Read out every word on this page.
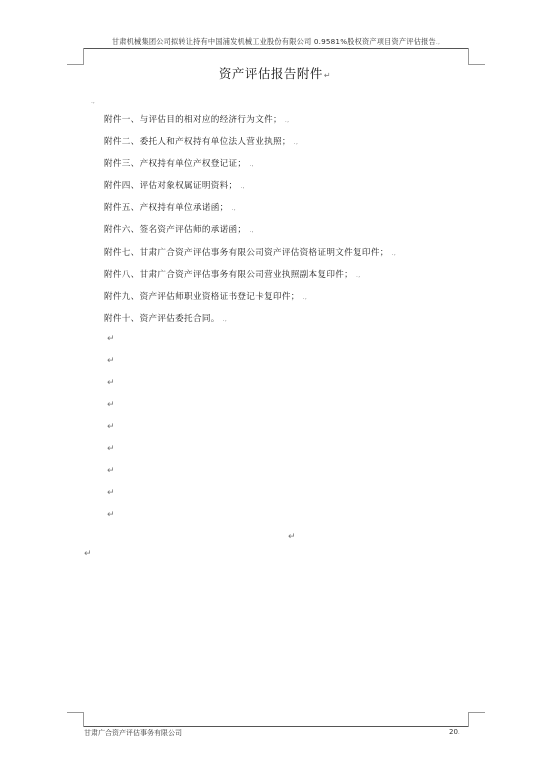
甘肃机械集团公司拟转让持有中国浦发机械工业股份有限公司 0.9581%股权资产项目资产评估报告.,
资产评估报告附件↵
.,
附件一、与评估目的相对应的经济行为文件； .,
附件二、委托人和产权持有单位法人营业执照； .,
附件三、产权持有单位产权登记证； .,
附件四、评估对象权属证明资料； .,
附件五、产权持有单位承诺函； .,
附件六、签名资产评估师的承诺函； .,
附件七、甘肃广合资产评估事务有限公司资产评估资格证明文件复印件； .,
附件八、甘肃广合资产评估事务有限公司营业执照副本复印件； .,
附件九、资产评估师职业资格证书登记卡复印件； .,
附件十、资产评估委托合同。 .,
↵
↵
↵
↵
↵
↵
↵
↵
↵
↵
↵
甘肃广合资产评估事务有限公司	20.
